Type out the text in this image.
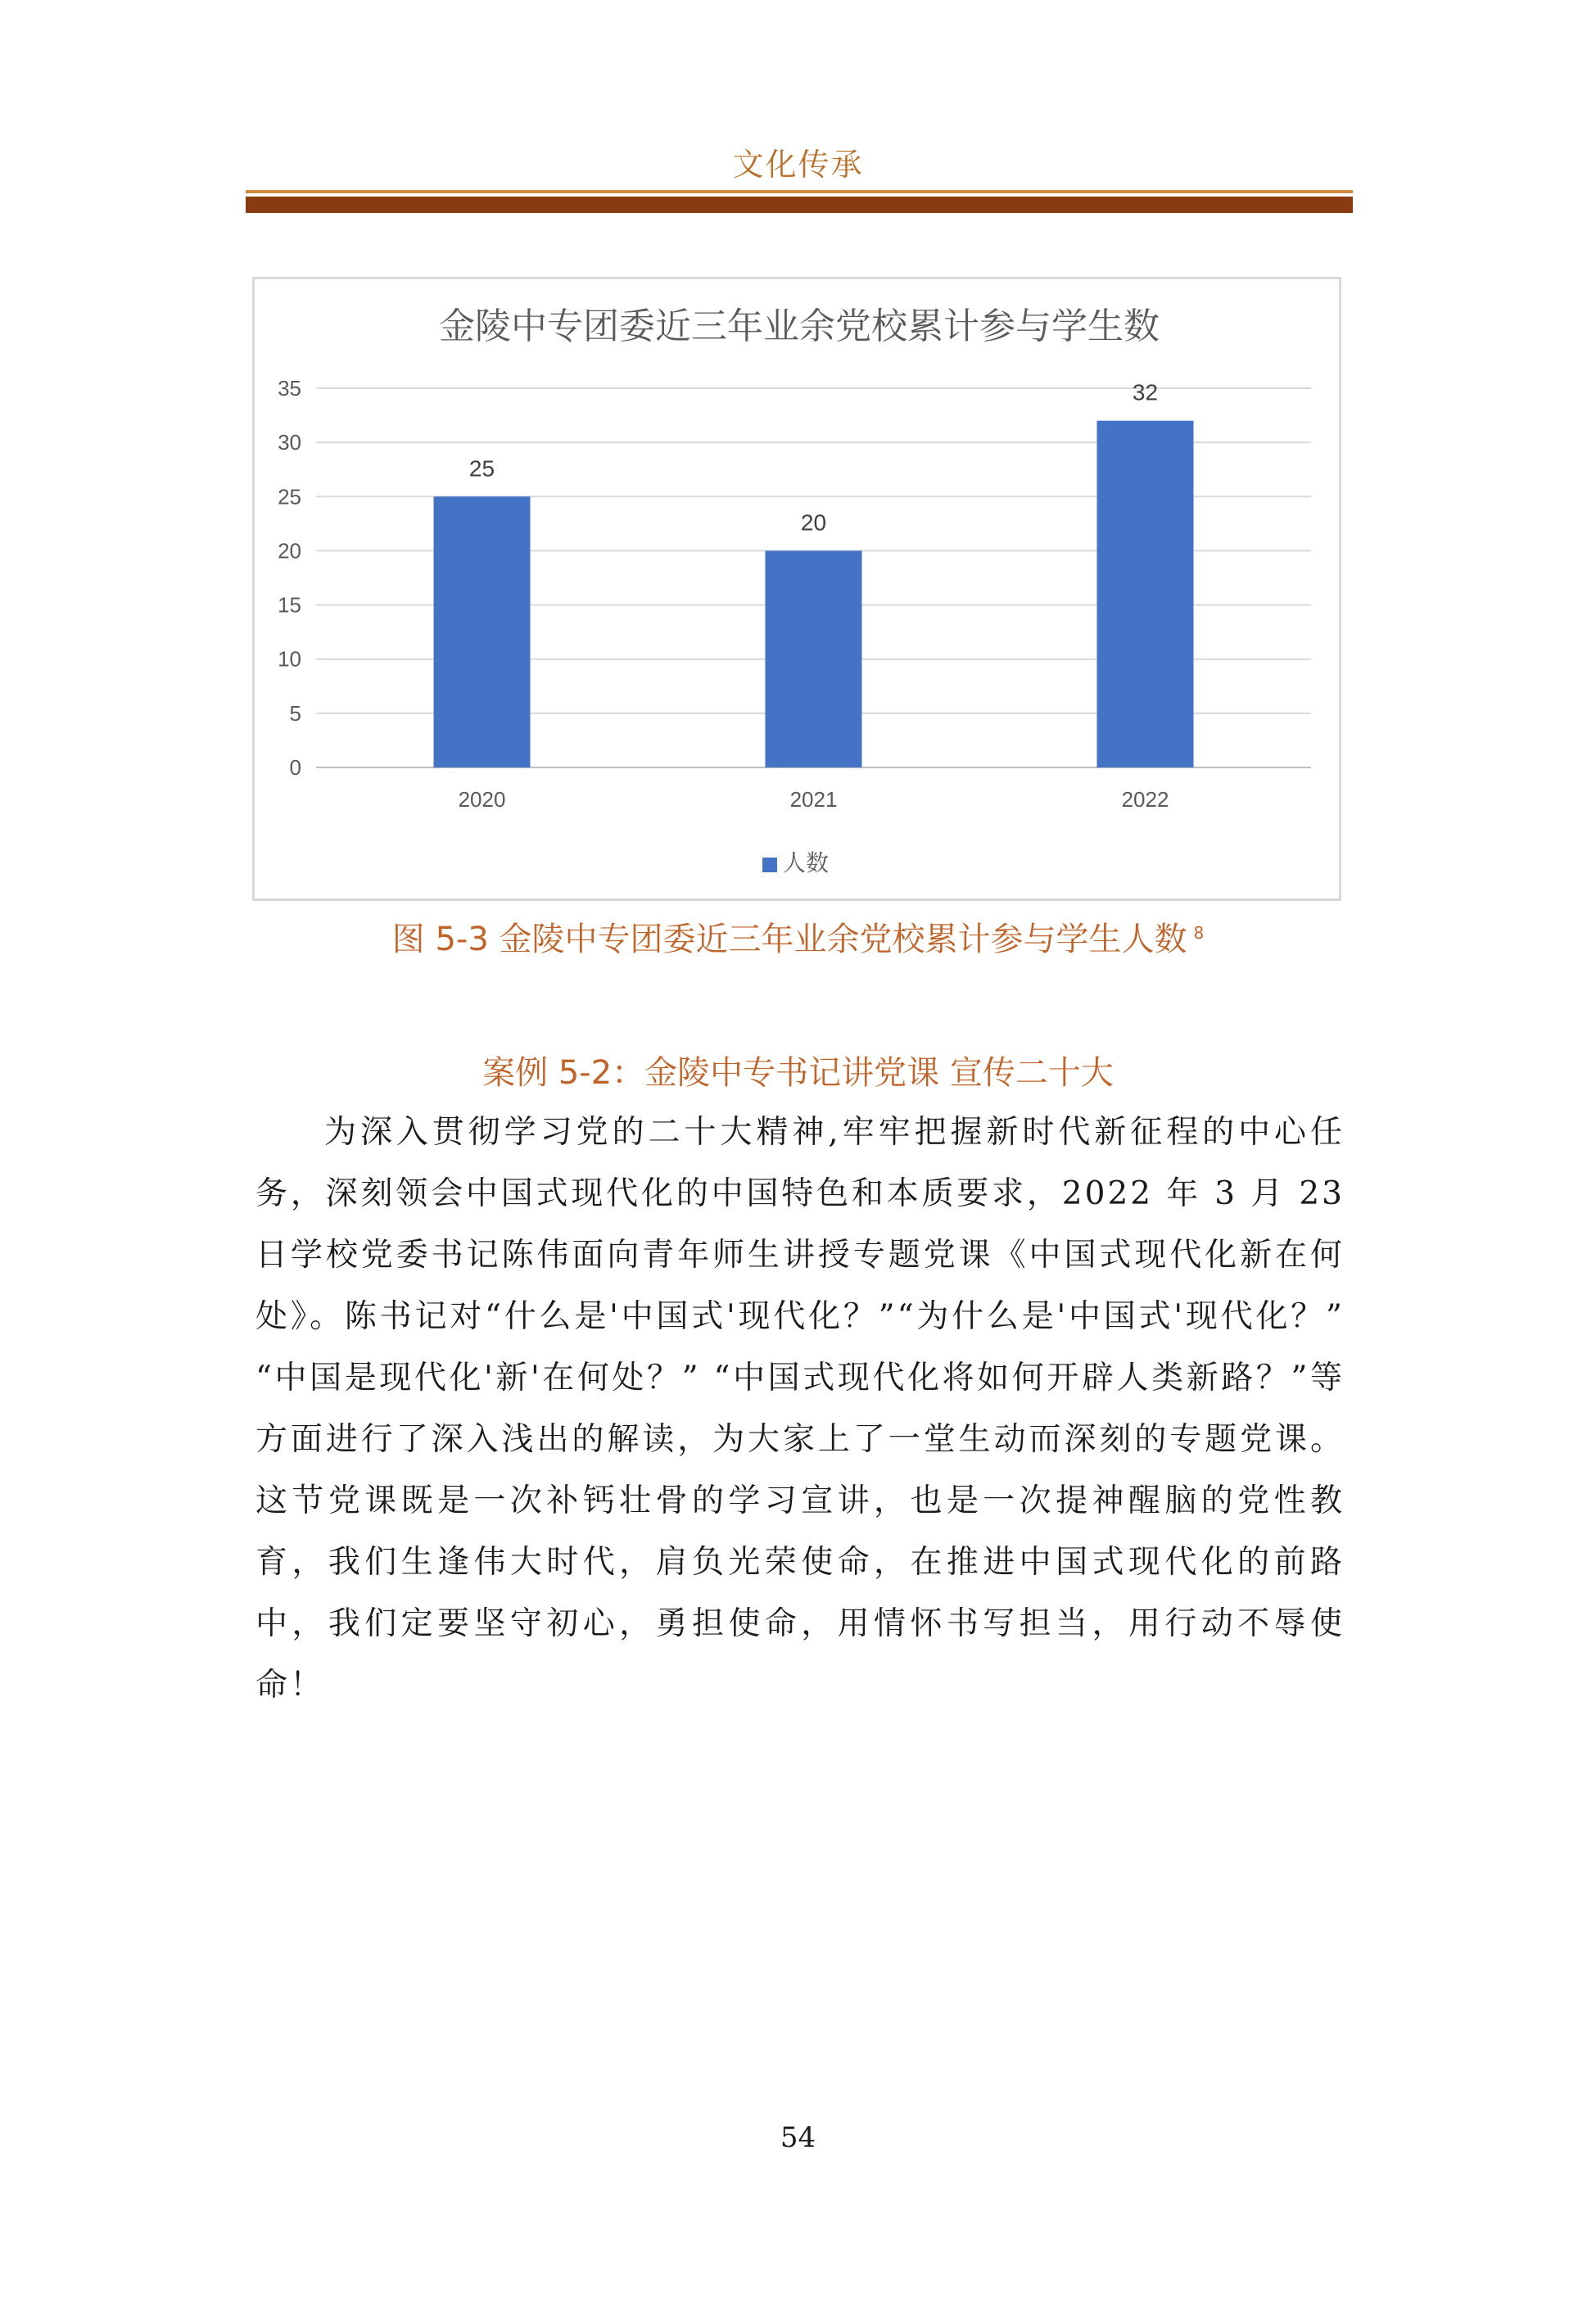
文化传承
金陵中专团委近三年业余党校累计参与学生数
0
5
10
15
20
25
30
35
25
2020
20
2021
32
2022
人数
图 5-3 金陵中专团委近三年业余党校累计参与学生人数 $^8$
案例 5-2：金陵中专书记讲党课 宣传二十大
为深入贯彻学习党的二十大精神,牢牢把握新时代新征程的中心任务，深刻领会中国式现代化的中国特色和本质要求，2022 年 3 月 23 日学校党委书记陈伟面向青年师生讲授专题党课《中国式现代化新在何处》。陈书记对“什么是'中国式'现代化？”“为什么是'中国式'现代化？” “中国是现代化'新'在何处？” “中国式现代化将如何开辟人类新路？”等方面进行了深入浅出的解读，为大家上了一堂生动而深刻的专题党课。这节党课既是一次补钙壮骨的学习宣讲，也是一次提神醒脑的党性教育，我们生逢伟大时代，肩负光荣使命，在推进中国式现代化的前路中，我们定要坚守初心，勇担使命，用情怀书写担当，用行动不辱使命！
54
